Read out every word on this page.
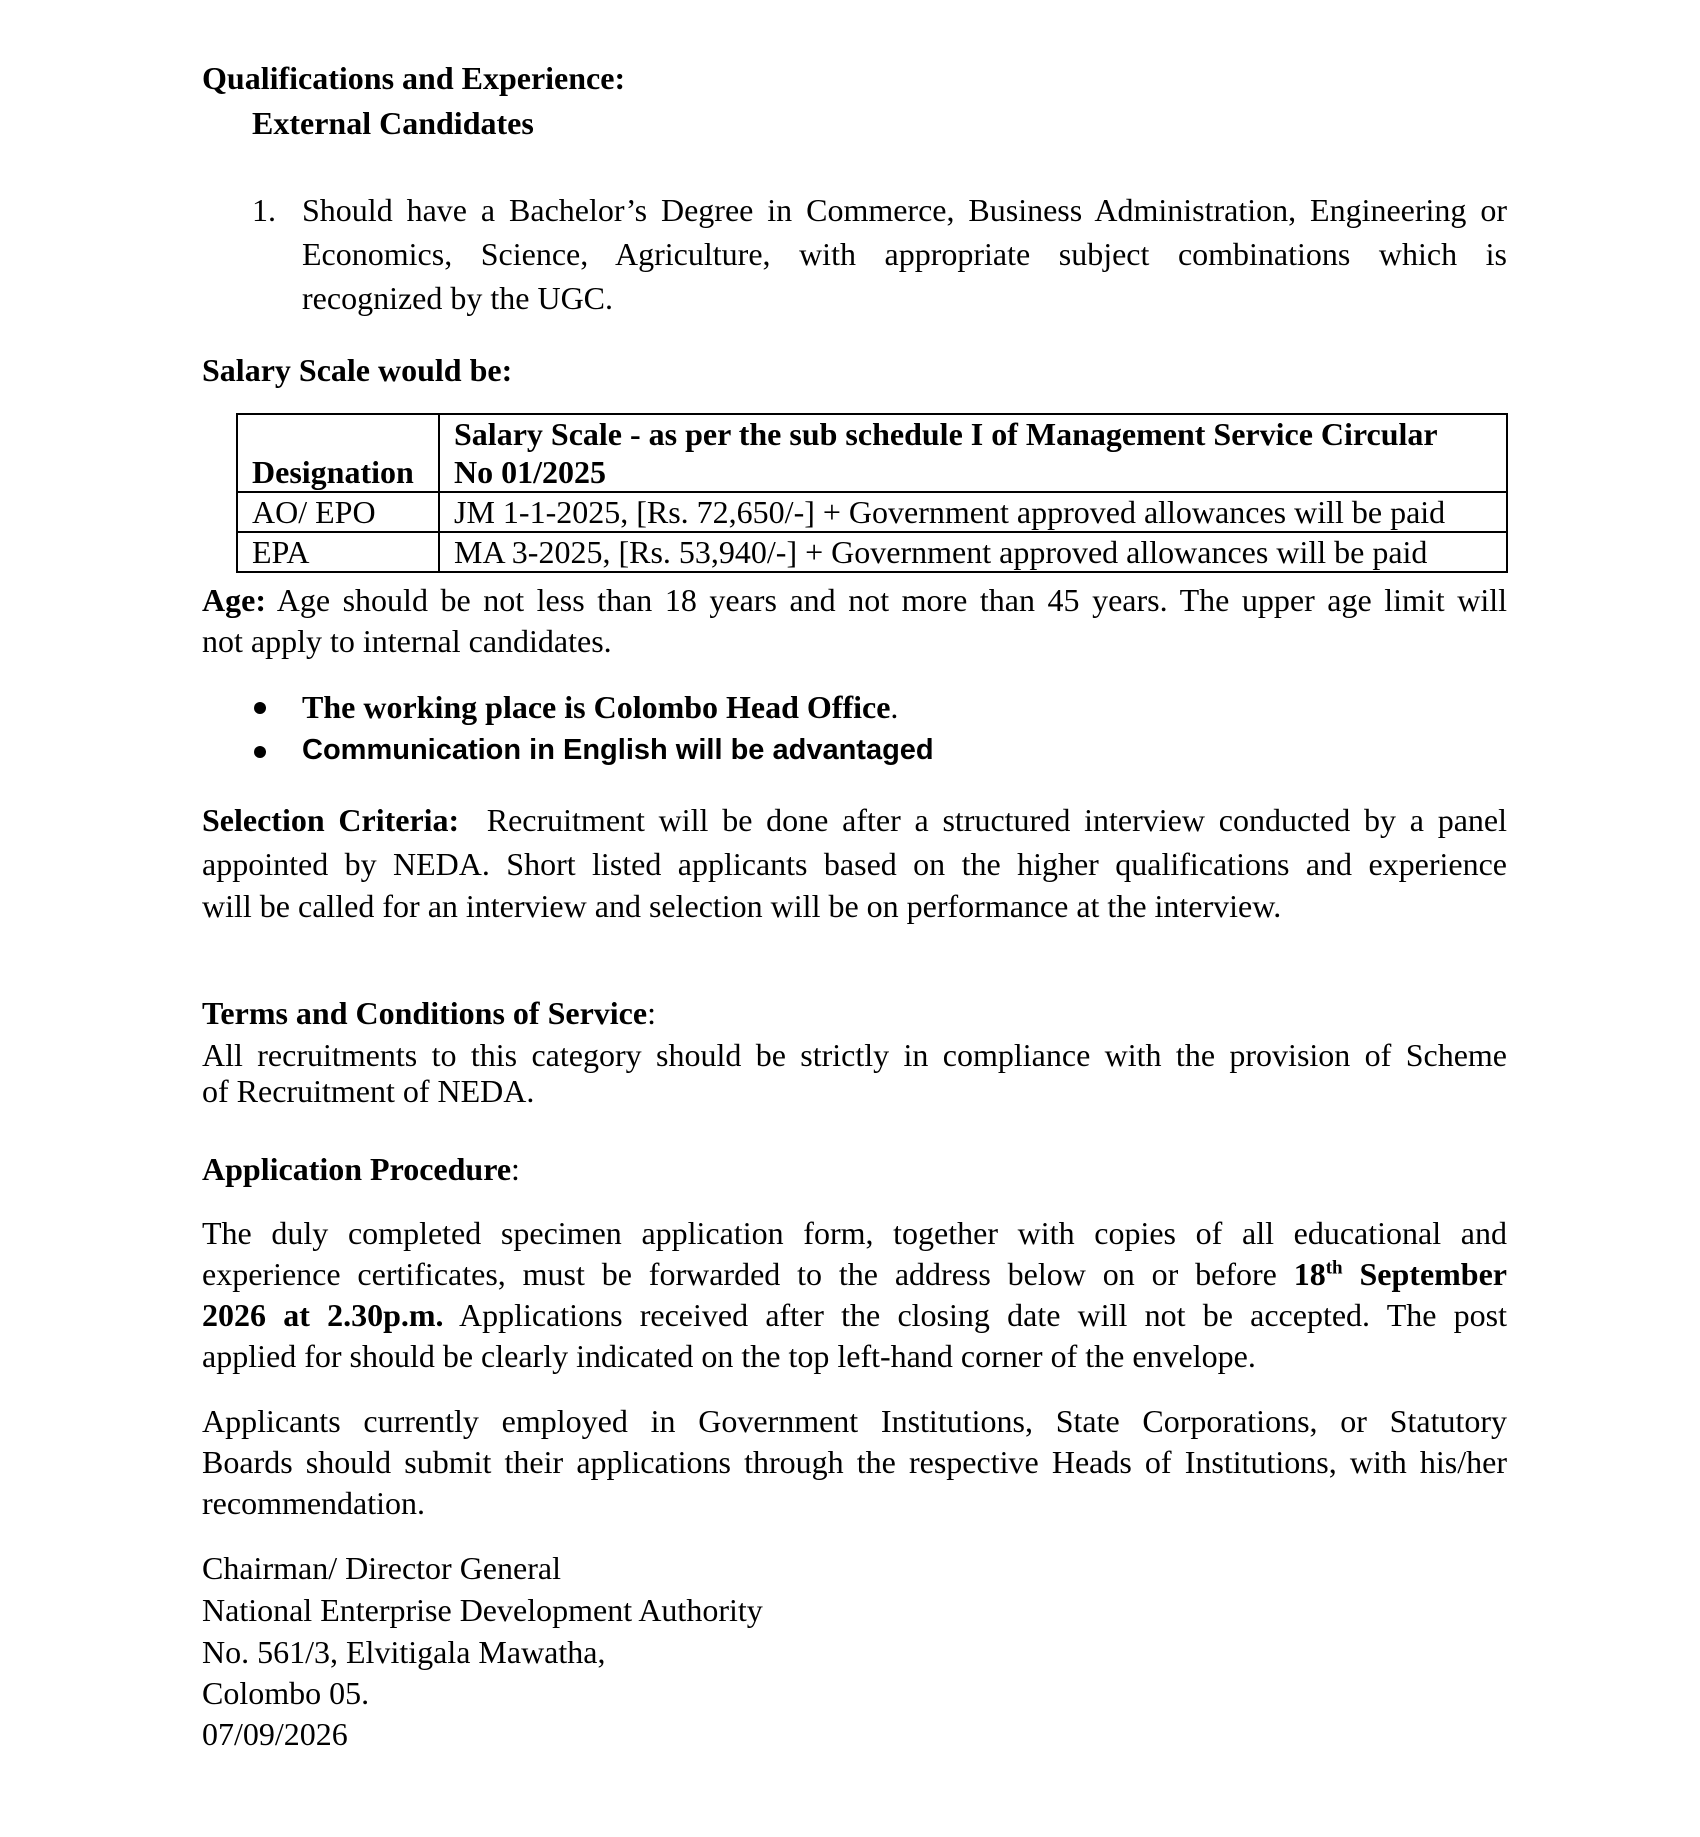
Qualifications and Experience:
External Candidates
1. Should have a Bachelor’s Degree in Commerce, Business Administration, Engineering or
Economics, Science, Agriculture, with appropriate subject combinations which is
recognized by the UGC.
Salary Scale would be:
Designation	Salary Scale - as per the sub schedule I of Management Service Circular
No 01/2025

AO/ EPO	JM 1-1-2025, [Rs. 72,650/-] + Government approved allowances will be paid
EPA	MA 3-2025, [Rs. 53,940/-] + Government approved allowances will be paid
Age: Age should be not less than 18 years and not more than 45 years. The upper age limit will
not apply to internal candidates.
The working place is Colombo Head Office.
Communication in English will be advantaged
Selection Criteria: Recruitment will be done after a structured interview conducted by a panel
appointed by NEDA. Short listed applicants based on the higher qualifications and experience
will be called for an interview and selection will be on performance at the interview.
Terms and Conditions of Service:
All recruitments to this category should be strictly in compliance with the provision of Scheme
of Recruitment of NEDA.
Application Procedure:
The duly completed specimen application form, together with copies of all educational and
experience certificates, must be forwarded to the address below on or before 18th September
2026 at 2.30p.m. Applications received after the closing date will not be accepted. The post
applied for should be clearly indicated on the top left-hand corner of the envelope.
Applicants currently employed in Government Institutions, State Corporations, or Statutory
Boards should submit their applications through the respective Heads of Institutions, with his/her
recommendation.
Chairman/ Director General
National Enterprise Development Authority
No. 561/3, Elvitigala Mawatha,
Colombo 05.
07/09/2026
